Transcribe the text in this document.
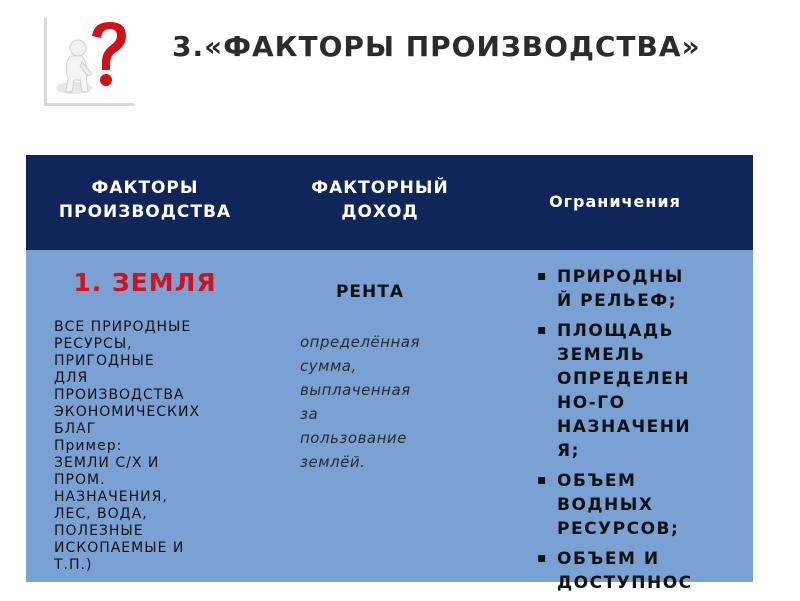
3.«ФАКТОРЫ ПРОИЗВОДСТВА»
ФАКТОРЫ
ПРОИЗВОДСТВА
ФАКТОРНЫЙ
ДОХОД
Ограничения
1. ЗЕМЛЯ
ВСЕ ПРИРОДНЫЕ
РЕСУРСЫ,
ПРИГОДНЫЕ
ДЛЯ
ПРОИЗВОДСТВА
ЭКОНОМИЧЕСКИХ
БЛАГ
Пример:
ЗЕМЛИ С/Х И
ПРОМ.
НАЗНАЧЕНИЯ,
ЛЕС, ВОДА,
ПОЛЕЗНЫЕ
ИСКОПАЕМЫЕ И
Т.П.)
РЕНТА
определённая
сумма,
выплаченная
за
пользование
землёй.
▪ ПРИРОДНЫ
Й РЕЛЬЕФ;
▪ ПЛОЩАДЬ
ЗЕМЕЛЬ
ОПРЕДЕЛЕН
НО-ГО
НАЗНАЧЕНИ
Я;
▪ ОБЪЕМ
ВОДНЫХ
РЕСУРСОВ;
▪ ОБЪЕМ И
ДОСТУПНОС
